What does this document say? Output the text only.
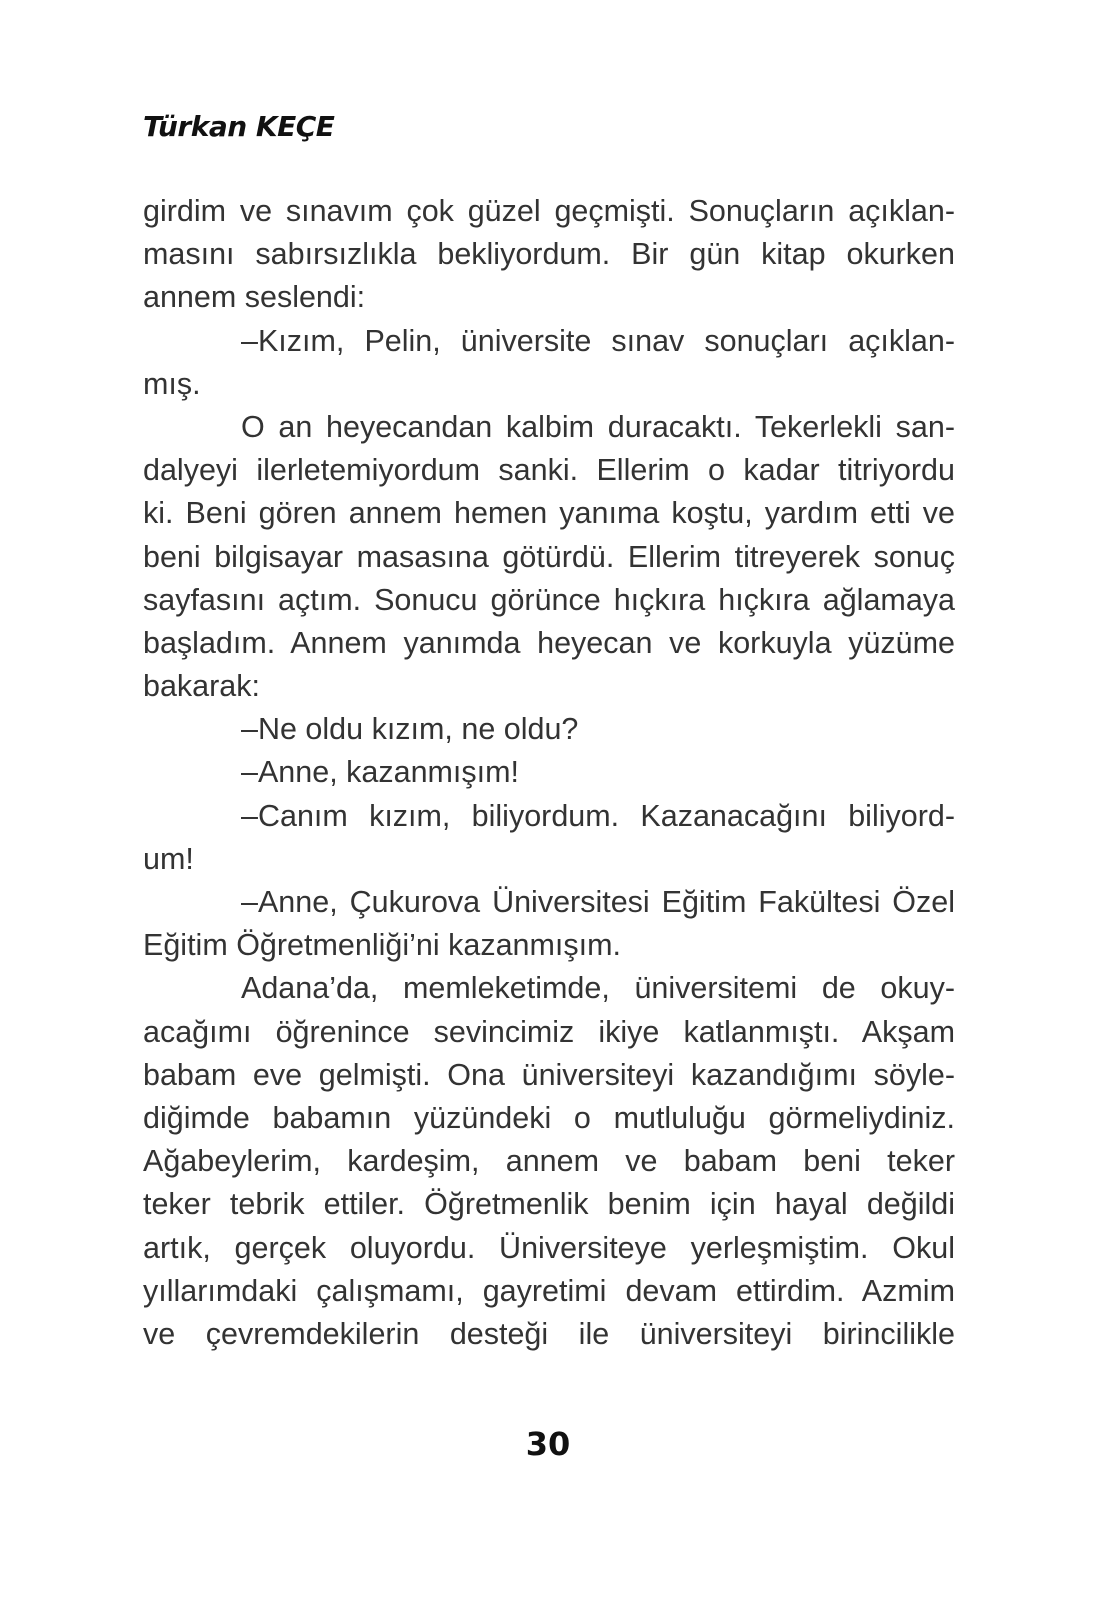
Türkan KEÇE
girdim ve sınavım çok güzel geçmişti. Sonuçların açıklan-
masını sabırsızlıkla bekliyordum. Bir gün kitap okurken
annem seslendi:
–Kızım, Pelin, üniversite sınav sonuçları açıklan-
mış.
O an heyecandan kalbim duracaktı. Tekerlekli san-
dalyeyi ilerletemiyordum sanki. Ellerim o kadar titriyordu
ki. Beni gören annem hemen yanıma koştu, yardım etti ve
beni bilgisayar masasına götürdü. Ellerim titreyerek sonuç
sayfasını açtım. Sonucu görünce hıçkıra hıçkıra ağlamaya
başladım. Annem yanımda heyecan ve korkuyla yüzüme
bakarak:
–Ne oldu kızım, ne oldu?
–Anne, kazanmışım!
–Canım kızım, biliyordum. Kazanacağını biliyord-
um!
–Anne, Çukurova Üniversitesi Eğitim Fakültesi Özel
Eğitim Öğretmenliği’ni kazanmışım.
Adana’da, memleketimde, üniversitemi de okuy-
acağımı öğrenince sevincimiz ikiye katlanmıştı. Akşam
babam eve gelmişti. Ona üniversiteyi kazandığımı söyle-
diğimde babamın yüzündeki o mutluluğu görmeliydiniz.
Ağabeylerim, kardeşim, annem ve babam beni teker
teker tebrik ettiler. Öğretmenlik benim için hayal değildi
artık, gerçek oluyordu. Üniversiteye yerleşmiştim. Okul
yıllarımdaki çalışmamı, gayretimi devam ettirdim. Azmim
ve çevremdekilerin desteği ile üniversiteyi birincilikle
30
